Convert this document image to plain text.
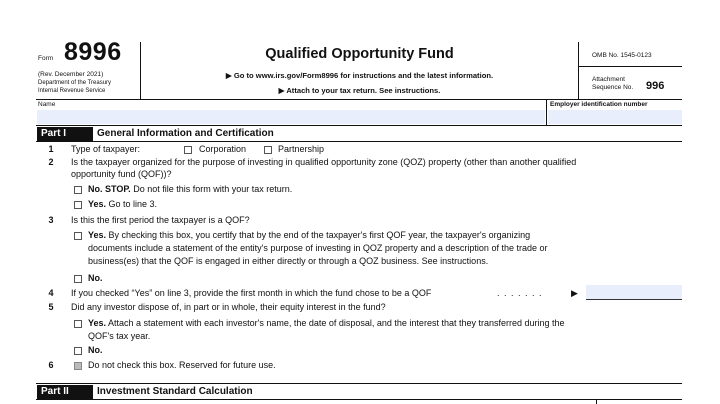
Form 8996
(Rev. December 2021)
Department of the Treasury
Internal Revenue Service
Qualified Opportunity Fund
▶ Go to www.irs.gov/Form8996 for instructions and the latest information.
▶ Attach to your tax return. See instructions.
OMB No. 1545-0123
Attachment
Sequence No. 996
Name	Employer identification number
Part I	General Information and Certification
1	Type of taxpayer:	Corporation	Partnership
2	Is the taxpayer organized for the purpose of investing in qualified opportunity zone (QOZ) property (other than another qualified
opportunity fund (QOF))?
No. STOP. Do not file this form with your tax return.
Yes. Go to line 3.
3	Is this the first period the taxpayer is a QOF?
Yes. By checking this box, you certify that by the end of the taxpayer's first QOF year, the taxpayer's organizing
documents include a statement of the entity's purpose of investing in QOZ property and a description of the trade or
business(es) that the QOF is engaged in either directly or through a QOZ business. See instructions.
No.
4	If you checked “Yes” on line 3, provide the first month in which the fund chose to be a QOF	. . . . . . .	▶
5	Did any investor dispose of, in part or in whole, their equity interest in the fund?
Yes. Attach a statement with each investor's name, the date of disposal, and the interest that they transferred during the
QOF's tax year.
No.
6	Do not check this box. Reserved for future use.
Part II	Investment Standard Calculation
